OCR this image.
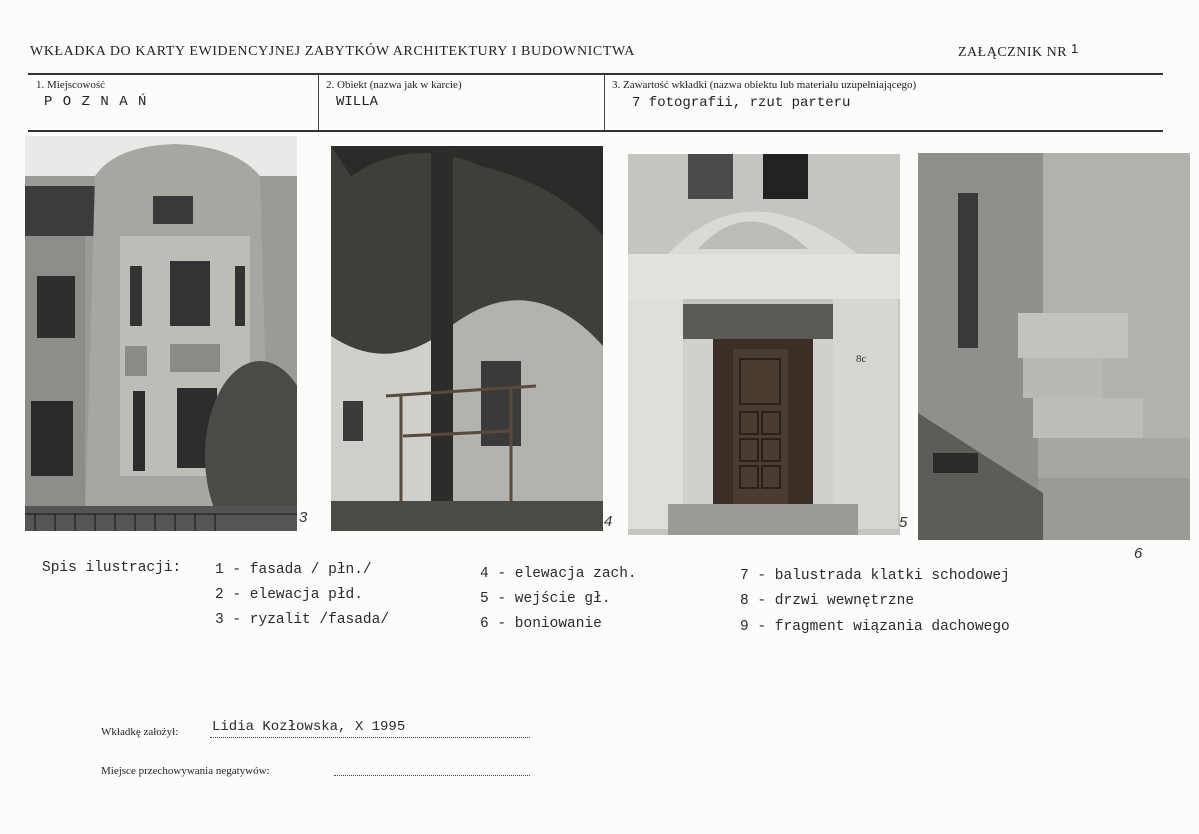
WKŁADKA DO KARTY EWIDENCYJNEJ ZABYTKÓW ARCHITEKTURY I BUDOWNICTWA	ZAŁĄCZNIK NR 1
1. Miejscowość
P O Z N A Ń
2. Obiekt (nazwa jak w karcie)
WILLA
3. Zawartość wkładki (nazwa obiektu lub materiału uzupełniającego)
7 fotografii, rzut parteru
3	4
8c
5
6
Spis ilustracji: 1 - fasada / płn./
2 - elewacja płd.
3 - ryzalit /fasada/
4 - elewacja zach.
5 - wejście gł.
6 - boniowanie
7 - balustrada klatki schodowej
8 - drzwi wewnętrzne
9 - fragment wiązania dachowego
Wkładkę założył: Lidia Kozłowska, X 1995
Miejsce przechowywania negatywów:
